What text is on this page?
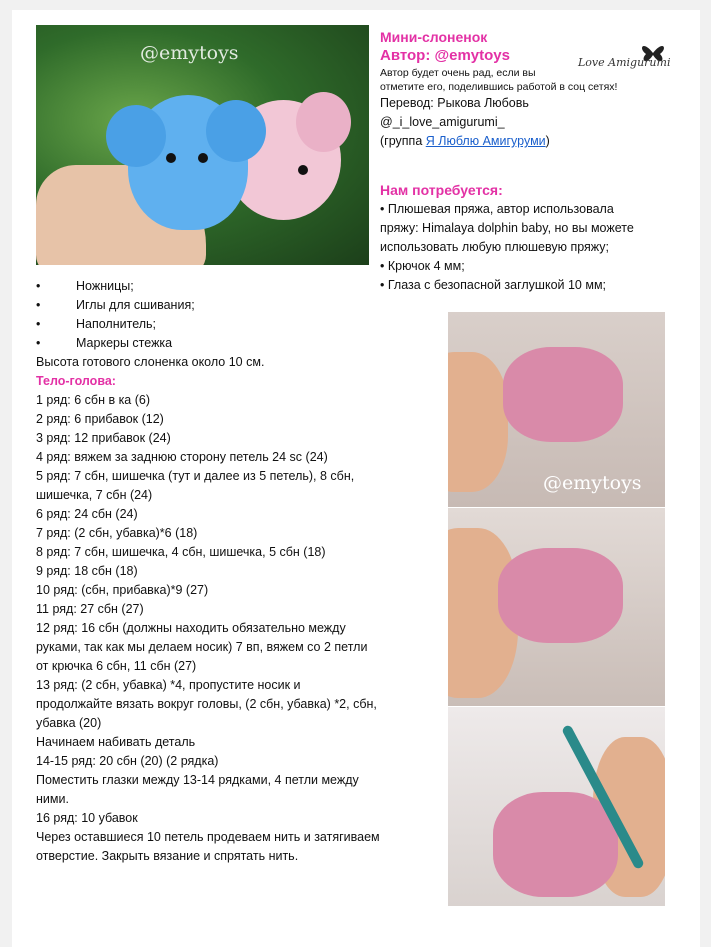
@emytoys
Мини-слоненок
Автор: @emytoys
Автор будет очень рад, если вы
отметите его, поделившись работой в соц сетях!
Перевод: Рыкова Любовь
@_i_love_amigurumi_
(группа Я Люблю Амигуруми)
Love Amigurumi
Нам потребуется:
• Плюшевая пряжа, автор использовала
пряжу: Himalaya dolphin baby, но вы можете
использовать любую плюшевую пряжу;
• Крючок 4 мм;
• Глаза с безопасной заглушкой 10 мм;
•	Ножницы;
•	Иглы для сшивания;
•	Наполнитель;
•	Маркеры стежка

Высота готового слоненка около 10 см.

Тело-голова:

1 ряд: 6 сбн в ка (6)

2 ряд: 6 прибавок (12)

3 ряд: 12 прибавок (24)

4 ряд: вяжем за заднюю сторону петель 24 sc (24)

5 ряд: 7 сбн, шишечка (тут и далее из 5 петель), 8 сбн,

шишечка, 7 сбн (24)

6 ряд: 24 сбн (24)

7 ряд: (2 сбн, убавка)*6 (18)

8 ряд: 7 сбн, шишечка, 4 сбн, шишечка, 5 сбн (18)

9 ряд: 18 сбн (18)

10 ряд: (сбн, прибавка)*9 (27)

11 ряд: 27 сбн (27)

12 ряд: 16 сбн (должны находить обязательно между

руками, так как мы делаем носик) 7 вп, вяжем со 2 петли

от крючка 6 сбн, 11 сбн (27)

13 ряд: (2 сбн, убавка) *4, пропустите носик и

продолжайте вязать вокруг головы, (2 сбн, убавка) *2, сбн,

убавка (20)

Начинаем набивать деталь

14-15 ряд: 20 сбн (20) (2 рядка)

Поместить глазки между 13-14 рядками, 4 петли между

ними.

16 ряд: 10 убавок

Через оставшиеся 10 петель продеваем нить и затягиваем

отверстие. Закрыть вязание и спрятать нить.

@emytoys
